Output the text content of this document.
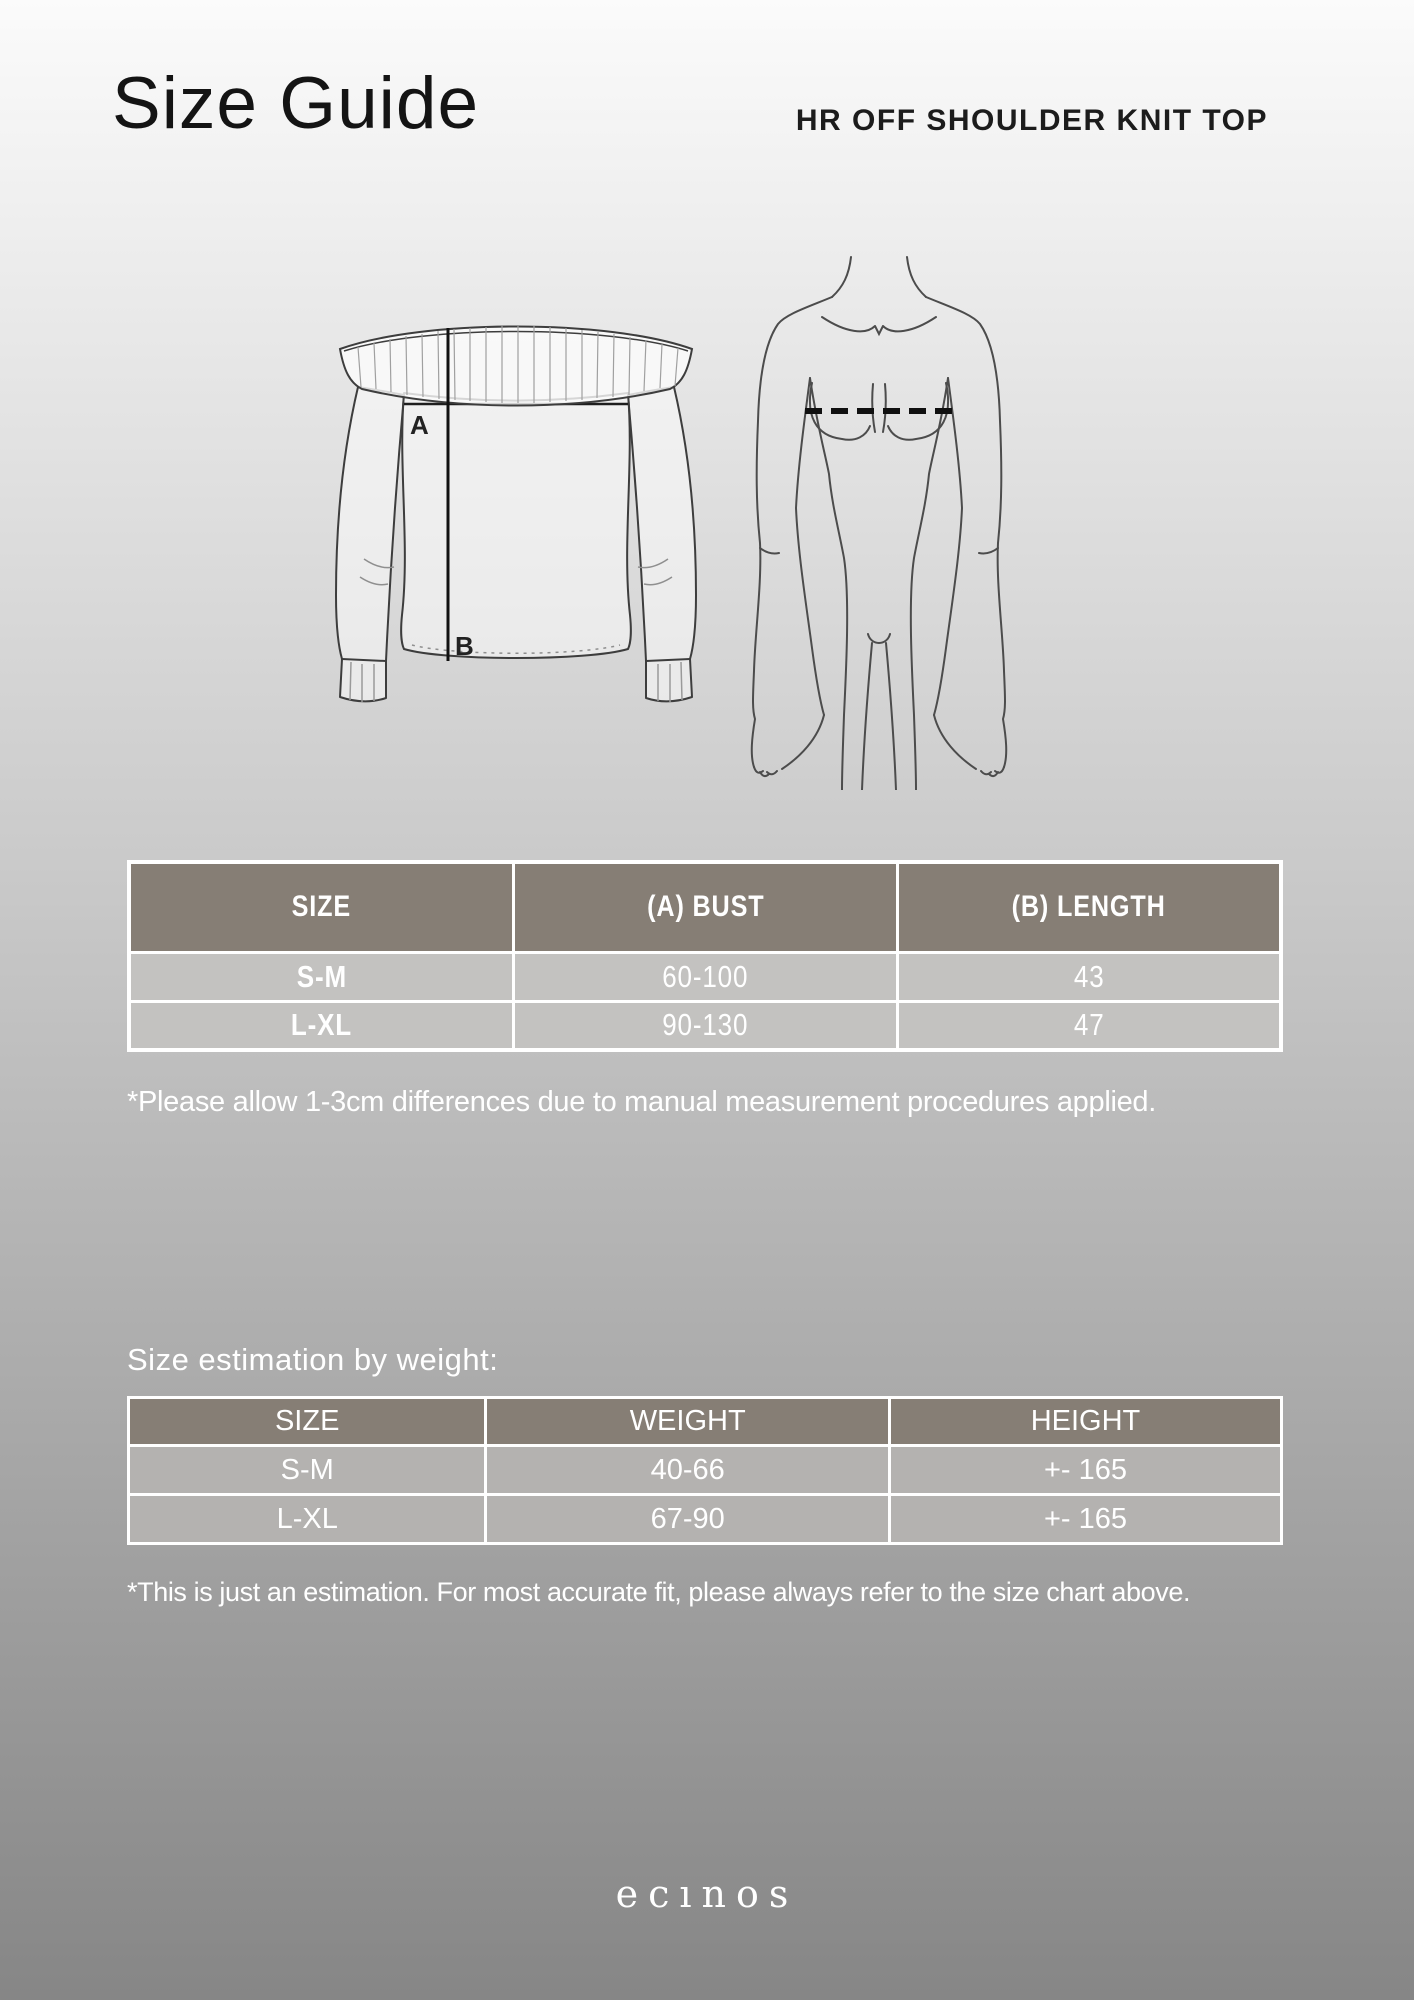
Size Guide	HR OFF SHOULDER KNIT TOP
A
B
SIZE	(A) BUST	(B) LENGTH
S-M	60-100	43
L-XL	90-130	47
*Please allow 1-3cm differences due to manual measurement procedures applied.
Size estimation by weight:
SIZE	WEIGHT	HEIGHT
S-M	40-66	+- 165
L-XL	67-90	+- 165
*This is just an estimation. For most accurate fit, please always refer to the size chart above.
ecınos
